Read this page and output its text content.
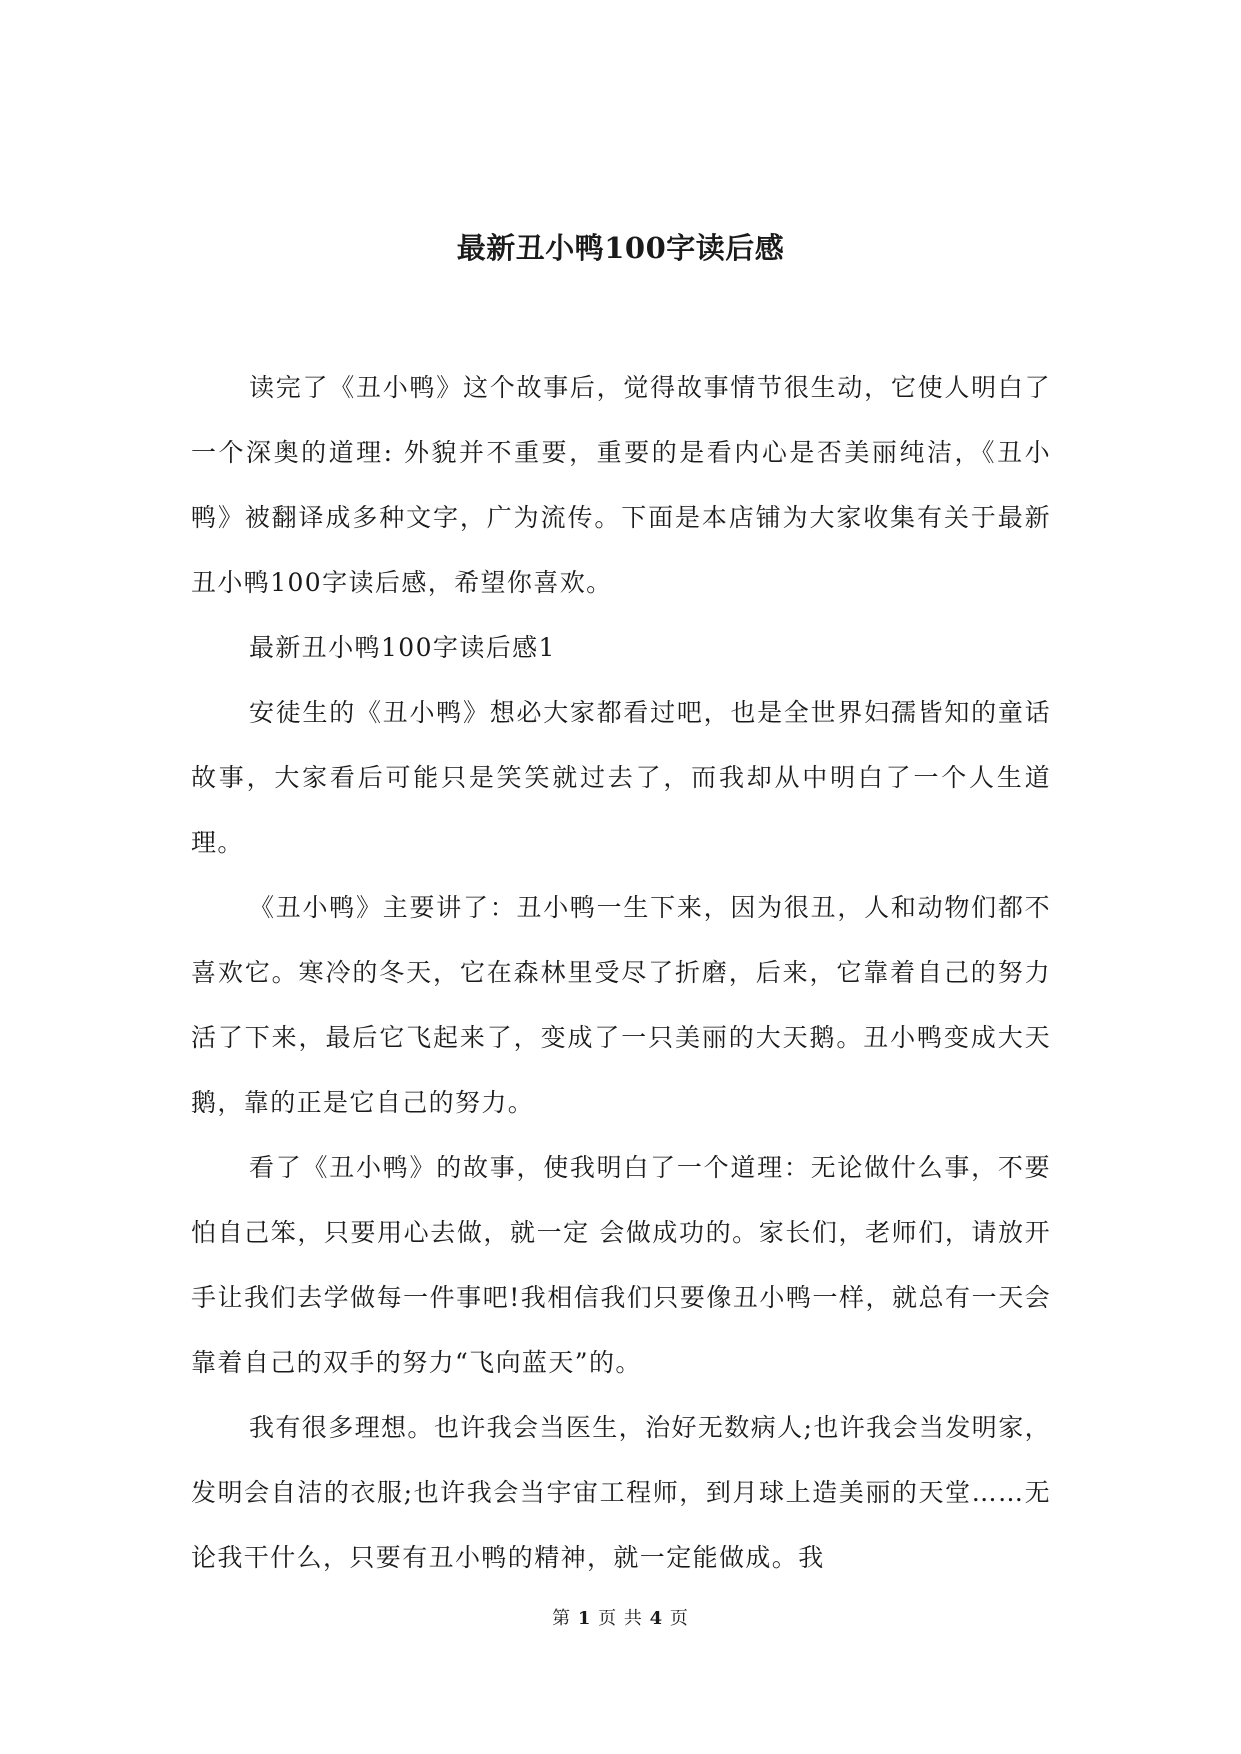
最新丑小鸭100字读后感

读完了《丑小鸭》这个故事后，觉得故事情节很生动，它使人明白了一个深奥的道理: 外貌并不重要，重要的是看内心是否美丽纯洁，《丑小鸭》被翻译成多种文字，广为流传。下面是本店铺为大家收集有关于最新丑小鸭100字读后感，希望你喜欢。

最新丑小鸭100字读后感1

安徒生的《丑小鸭》想必大家都看过吧，也是全世界妇孺皆知的童话故事，大家看后可能只是笑笑就过去了，而我却从中明白了一个人生道理。

《丑小鸭》主要讲了：丑小鸭一生下来，因为很丑，人和动物们都不喜欢它。寒冷的冬天，它在森林里受尽了折磨，后来，它靠着自己的努力活了下来，最后它飞起来了，变成了一只美丽的大天鹅。丑小鸭变成大天鹅，靠的正是它自己的努力。

看了《丑小鸭》的故事，使我明白了一个道理：无论做什么事，不要怕自己笨，只要用心去做，就一定 会做成功的。家长们，老师们，请放开手让我们去学做每一件事吧!我相信我们只要像丑小鸭一样，就总有一天会靠着自己的双手的努力“飞向蓝天”的。

我有很多理想。也许我会当医生，治好无数病人;也许我会当发明家，发明会自洁的衣服;也许我会当宇宙工程师，到月球上造美丽的天堂……无论我干什么，只要有丑小鸭的精神，就一定能做成。我

第 1 页 共 4 页
